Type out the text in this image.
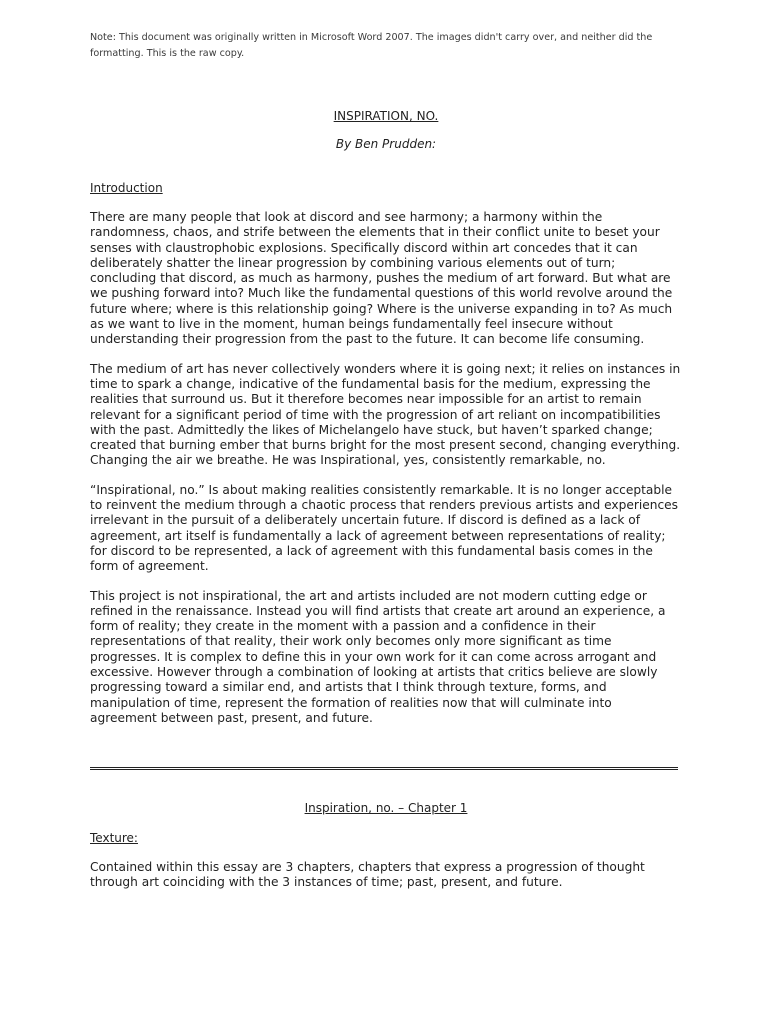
Note: This document was originally written in Microsoft Word 2007. The images didn't carry over, and neither did the formatting. This is the raw copy.

INSPIRATION, NO.

By Ben Prudden:

Introduction

There are many people that look at discord and see harmony; a harmony within the randomness, chaos, and strife between the elements that in their conflict unite to beset your senses with claustrophobic explosions. Specifically discord within art concedes that it can deliberately shatter the linear progression by combining various elements out of turn; concluding that discord, as much as harmony, pushes the medium of art forward. But what are we pushing forward into? Much like the fundamental questions of this world revolve around the future where; where is this relationship going? Where is the universe expanding in to? As much as we want to live in the moment, human beings fundamentally feel insecure without understanding their progression from the past to the future. It can become life consuming.

The medium of art has never collectively wonders where it is going next; it relies on instances in time to spark a change, indicative of the fundamental basis for the medium, expressing the realities that surround us. But it therefore becomes near impossible for an artist to remain relevant for a significant period of time with the progression of art reliant on incompatibilities with the past. Admittedly the likes of Michelangelo have stuck, but haven’t sparked change; created that burning ember that burns bright for the most present second, changing everything. Changing the air we breathe. He was Inspirational, yes, consistently remarkable, no.

“Inspirational, no.” Is about making realities consistently remarkable. It is no longer acceptable to reinvent the medium through a chaotic process that renders previous artists and experiences irrelevant in the pursuit of a deliberately uncertain future. If discord is defined as a lack of agreement, art itself is fundamentally a lack of agreement between representations of reality; for discord to be represented, a lack of agreement with this fundamental basis comes in the form of agreement.

This project is not inspirational, the art and artists included are not modern cutting edge or refined in the renaissance. Instead you will find artists that create art around an experience, a form of reality; they create in the moment with a passion and a confidence in their representations of that reality, their work only becomes only more significant as time progresses. It is complex to define this in your own work for it can come across arrogant and excessive. However through a combination of looking at artists that critics believe are slowly progressing toward a similar end, and artists that I think through texture, forms, and manipulation of time, represent the formation of realities now that will culminate into agreement between past, present, and future.

Inspiration, no. – Chapter 1

Texture:

Contained within this essay are 3 chapters, chapters that express a progression of thought through art coinciding with the 3 instances of time; past, present, and future.
